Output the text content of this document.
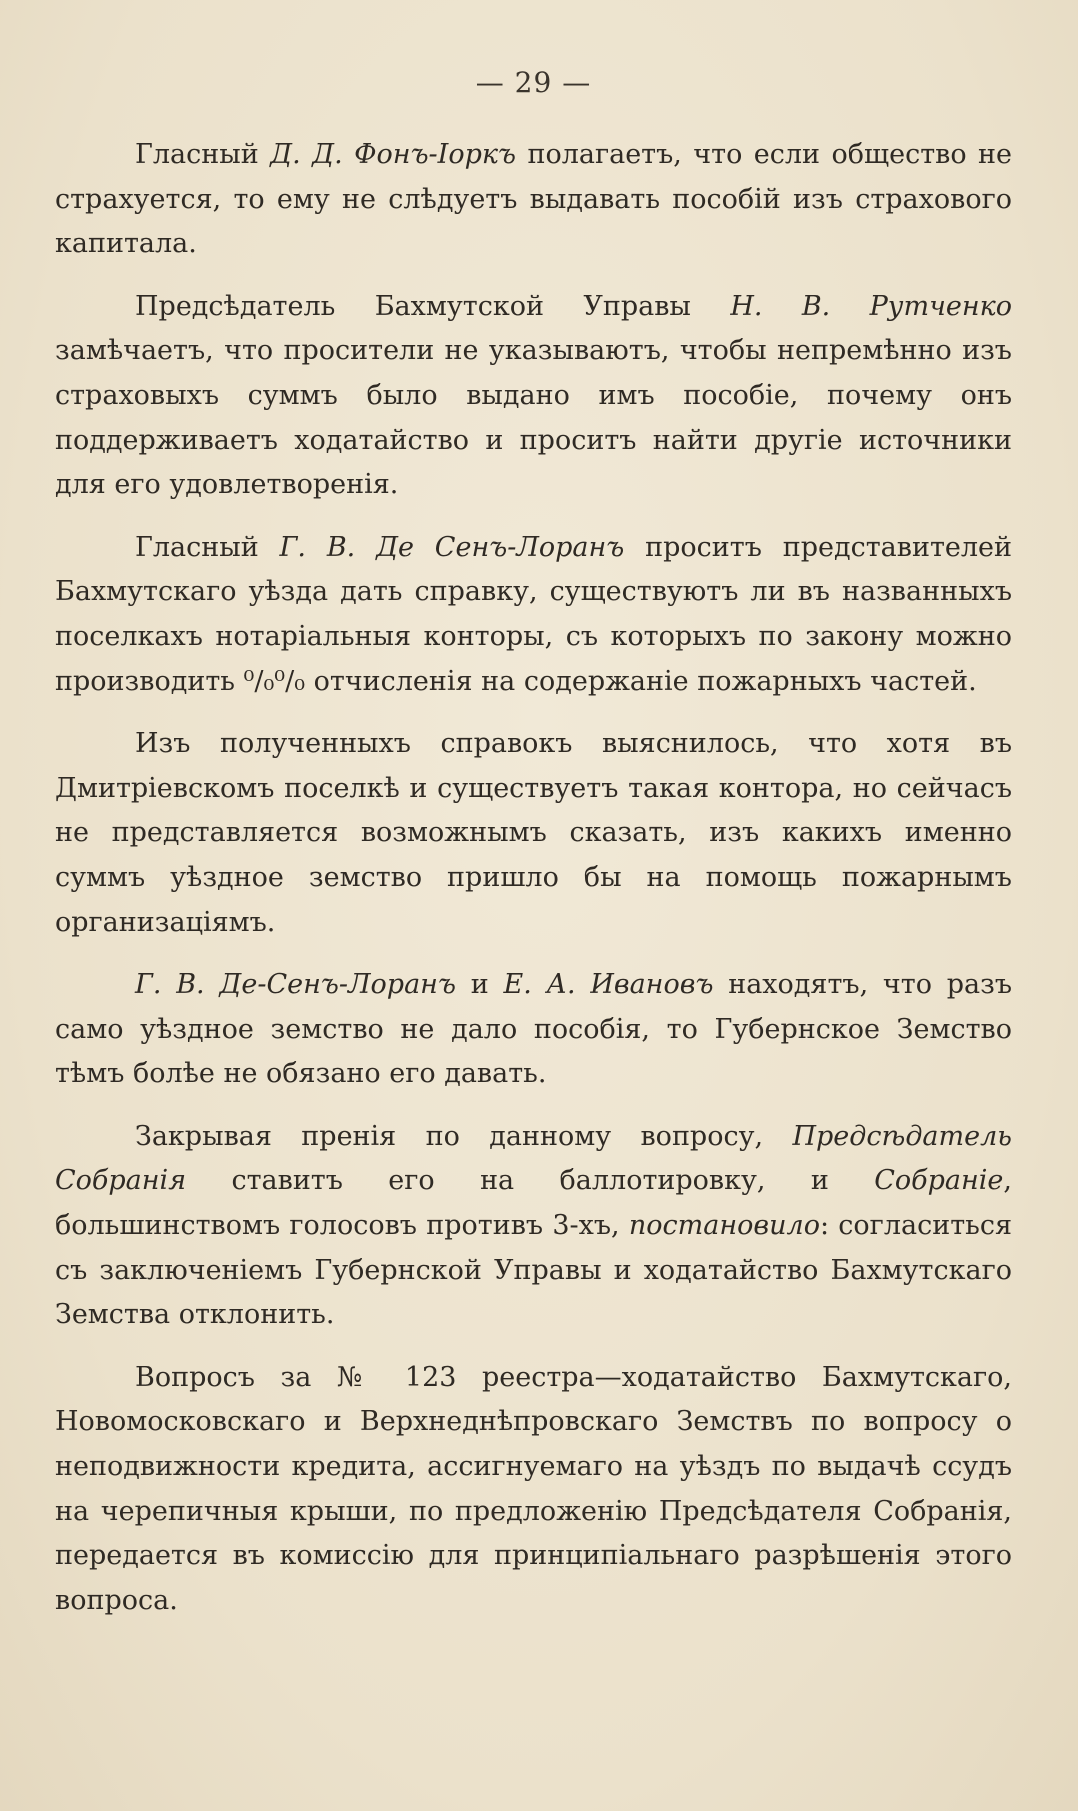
— 29 —

Гласный Д. Д. Фонъ-Іоркъ полагаетъ, что если общество не страхуется, то ему не слѣдуетъ выдавать пособій изъ страхового капитала.

Предсѣдатель Бахмутской Управы Н. В. Рутченко замѣчаетъ, что просители не указываютъ, чтобы непремѣнно изъ страховыхъ суммъ было выдано имъ пособіе, почему онъ поддерживаетъ ходатайство и проситъ найти другіе источники для его удовлетворенія.

Гласный Г. В. Де Сенъ-Лоранъ проситъ представителей Бахмутскаго уѣзда дать справку, существуютъ ли въ названныхъ поселкахъ нотаріальныя конторы, съ которыхъ по закону можно производить ⁰/₀⁰/₀ отчисленія на содержаніе пожарныхъ частей.

Изъ полученныхъ справокъ выяснилось, что хотя въ Дмитріевскомъ поселкѣ и существуетъ такая контора, но сейчасъ не представляется возможнымъ сказать, изъ какихъ именно суммъ уѣздное земство пришло бы на помощь пожарнымъ организаціямъ.

Г. В. Де-Сенъ-Лоранъ и Е. А. Ивановъ находятъ, что разъ само уѣздное земство не дало пособія, то Губернское Земство тѣмъ болѣе не обязано его давать.

Закрывая пренія по данному вопросу, Предсѣдатель Собранія ставитъ его на баллотировку, и Собраніе, большинствомъ голосовъ противъ 3-хъ, постановило: согласиться съ заключеніемъ Губернской Управы и ходатайство Бахмутскаго Земства отклонить.

Вопросъ за № 123 реестра—ходатайство Бахмутскаго, Новомосковскаго и Верхнеднѣпровскаго Земствъ по вопросу о неподвижности кредита, ассигнуемаго на уѣздъ по выдачѣ ссудъ на черепичныя крыши, по предложенію Предсѣдателя Собранія, передается въ комиссію для принципіальнаго разрѣшенія этого вопроса.
